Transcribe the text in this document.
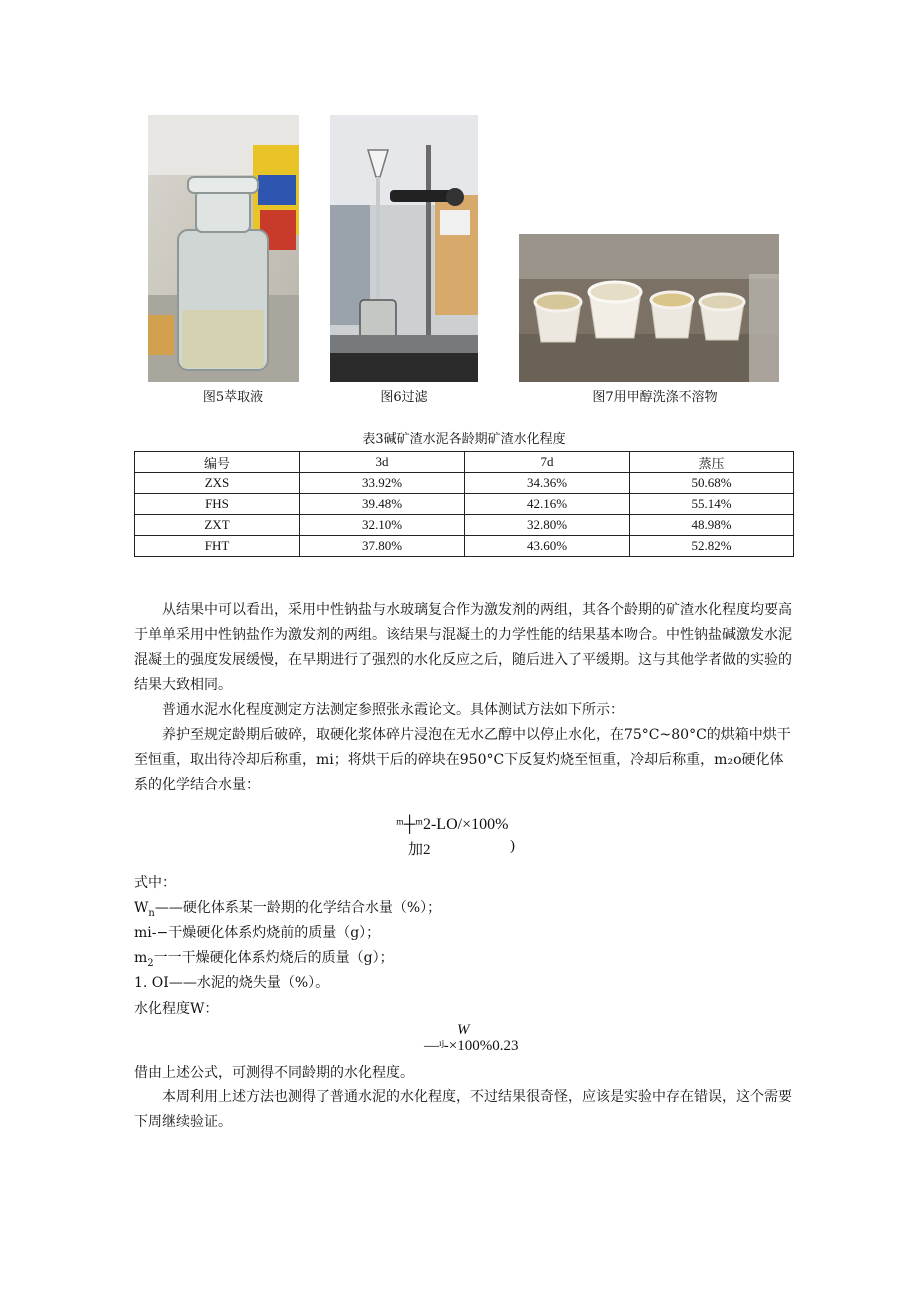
图5萃取液	图6过滤	图7用甲醇洗涤不溶物
表3碱矿渣水泥各龄期矿渣水化程度
编号	3d	7d	蒸压
ZXS	33.92%	34.36%	50.68%
FHS	39.48%	42.16%	55.14%
ZXT	32.10%	32.80%	48.98%
FHT	37.80%	43.60%	52.82%
从结果中可以看出，采用中性钠盐与水玻璃复合作为激发剂的两组，其各个龄期的矿渣水化程度均要高于单单采用中性钠盐作为激发剂的两组。该结果与混凝土的力学性能的结果基本吻合。中性钠盐碱激发水泥混凝土的强度发展缓慢，在早期进行了强烈的水化反应之后，随后进入了平缓期。这与其他学者做的实验的结果大致相同。
普通水泥水化程度测定方法测定参照张永霞论文。具体测试方法如下所示：
养护至规定龄期后破碎，取硬化浆体碎片浸泡在无水乙醇中以停止水化，在75°C~80°C的烘箱中烘干至恒重，取出待冷却后称重，mi；将烘干后的碎块在950°C下反复灼烧至恒重，冷却后称重，m₂o硬化体系的化学结合水量：
ᵐ┼ᵐ2-LO/×100%
加2	)
式中：
$W_n——$硬化体系某一龄期的化学结合水量（%）；
mi-−干燥硬化体系灼烧前的质量（g）；
$m_2$一一干燥硬化体系灼烧后的质量（g）；
1. OI——水泥的烧失量（%）。
水化程度W：
W
—ᶦʲ-×100%0.23
借由上述公式，可测得不同龄期的水化程度。
本周利用上述方法也测得了普通水泥的水化程度，不过结果很奇怪，应该是实验中存在错误，这个需要下周继续验证。
